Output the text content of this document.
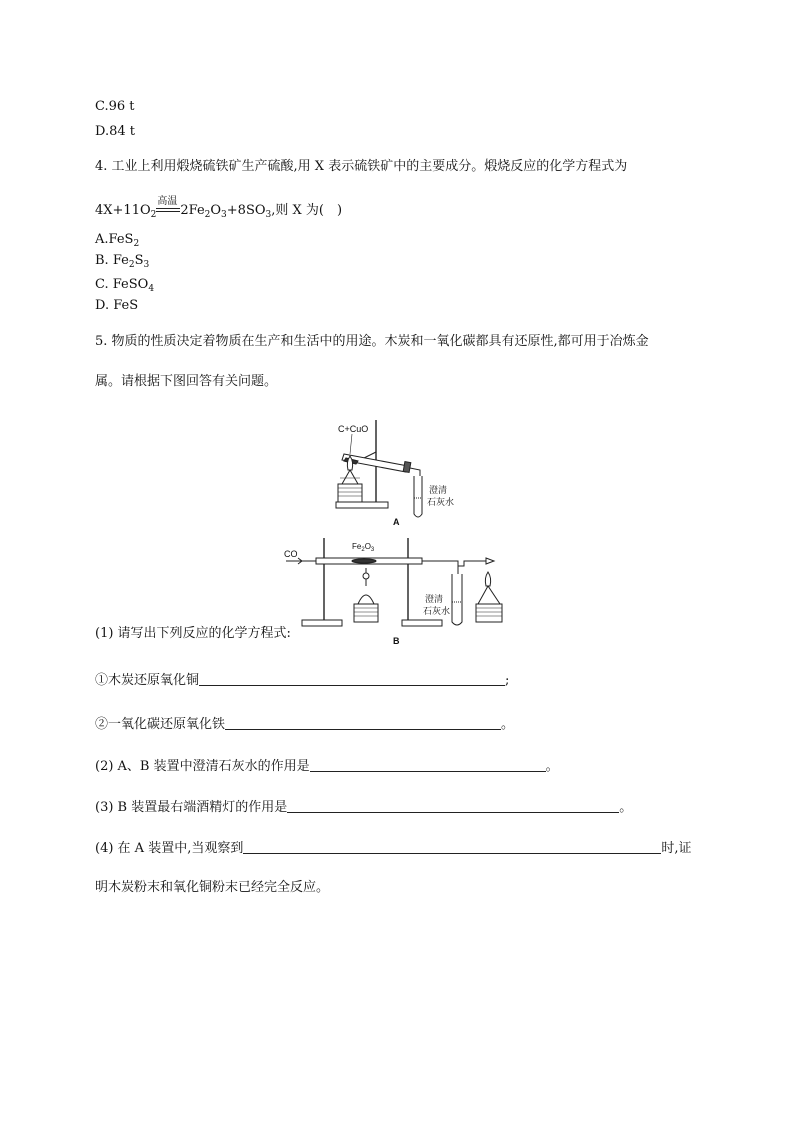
C.96 t
D.84 t
4. 工业上利用煅烧硫铁矿生产硫酸,用 X 表示硫铁矿中的主要成分。煅烧反应的化学方程式为
$4X+11O_2$
高温
$2Fe_2O_3+8SO_3$,则 X 为(　)
A.FeS$_2$
B. $Fe_2S_3$
C. FeSO$_4$
D. FeS
5. 物质的性质决定着物质在生产和生活中的用途。木炭和一氧化碳都具有还原性,都可用于冶炼金
属。请根据下图回答有关问题。
C+CuO
澄清
石灰水
A
CO
$Fe_2O_3$
澄清
石灰水
B
(1) 请写出下列反应的化学方程式:
①木炭还原氧化铜	;
②一氧化碳还原氧化铁	。
(2) A、B 装置中澄清石灰水的作用是	。
(3) B 装置最右端酒精灯的作用是	。
(4) 在 A 装置中,当观察到	时,证
明木炭粉末和氧化铜粉末已经完全反应。
